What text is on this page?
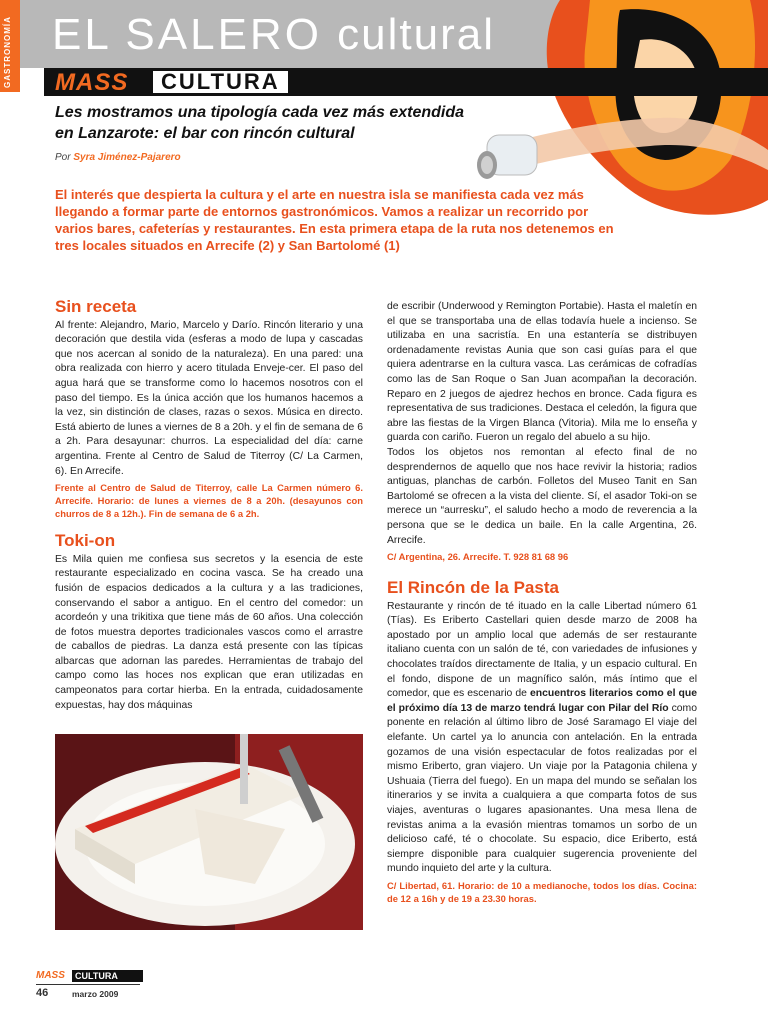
GASTRONOMÍA EL SALERO cultural
MASS	CULTURA
Les mostramos una tipología cada vez más extendida en Lanzarote: el bar con rincón cultural
Por Syra Jiménez-Pajarero
El interés que despierta la cultura y el arte en nuestra isla se manifiesta cada vez más llegando a formar parte de entornos gastronómicos. Vamos a realizar un recorrido por varios bares, cafeterías y restaurantes. En esta primera etapa de la ruta nos detenemos en tres locales situados en Arrecife (2) y San Bartolomé (1)
Sin receta

Al frente: Alejandro, Mario, Marcelo y Darío. Rincón literario y una decoración que destila vida (esferas a modo de lupa y cascadas que nos acercan al sonido de la naturaleza). En una pared: una obra realizada con hierro y acero titulada Enveje-cer. El paso del agua hará que se transforme como lo hacemos nosotros con el paso del tiempo. Es la única acción que los humanos hacemos a la vez, sin distinción de clases, razas o sexos. Música en directo. Está abierto de lunes a viernes de 8 a 20h. y el fin de semana de 6 a 2h. Para desayunar: churros. La especialidad del día: carne argentina. Frente al Centro de Salud de Titerroy (C/ La Carmen, 6). En Arrecife.

Frente al Centro de Salud de Titerroy, calle La Carmen número 6. Arrecife. Horario: de lunes a viernes de 8 a 20h. (desayunos con churros de 8 a 12h.). Fin de semana de 6 a 2h.

Toki-on

Es Mila quien me confiesa sus secretos y la esencia de este restaurante especializado en cocina vasca. Se ha creado una fusión de espacios dedicados a la cultura y a las tradiciones, conservando el sabor a antiguo. En el centro del comedor: un acordeón y una trikitixa que tiene más de 60 años. Una colección de fotos muestra deportes tradicionales vascos como el arrastre de caballos de piedras. La danza está presente con las típicas albarcas que adornan las paredes. Herramientas de trabajo del campo como las hoces nos explican que eran utilizadas en campeonatos para cortar hierba. En la entrada, cuidadosamente expuestas, hay dos máquinas

de escribir (Underwood y Remington Portabie). Hasta el maletín en el que se transportaba una de ellas todavía huele a incienso. Se utilizaba en una sacristía. En una estantería se distribuyen ordenadamente revistas Aunia que son casi guías para el que quiera adentrarse en la cultura vasca. Las cerámicas de cofradías como las de San Roque o San Juan acompañan la decoración. Reparo en 2 juegos de ajedrez hechos en bronce. Cada figura es representativa de sus tradiciones. Destaca el celedón, la figura que abre las fiestas de la Virgen Blanca (Vitoria). Mila me lo enseña y guarda con cariño. Fueron un regalo del abuelo a su hijo.

Todos los objetos nos remontan al efecto final de no desprendernos de aquello que nos hace revivir la historia; radios antiguas, planchas de carbón. Folletos del Museo Tanit en San Bartolomé se ofrecen a la vista del cliente. Sí, el asador Toki-on se merece un “aurresku”, el saludo hecho a modo de reverencia a la persona que se le dedica un baile. En la calle Argentina, 26. Arrecife.

C/ Argentina, 26. Arrecife. T. 928 81 68 96

El Rincón de la Pasta

Restaurante y rincón de té ituado en la calle Libertad número 61 (Tías). Es Eriberto Castellari quien desde marzo de 2008 ha apostado por un amplio local que además de ser restaurante italiano cuenta con un salón de té, con variedades de infusiones y chocolates traídos directamente de Italia, y un espacio cultural. En el fondo, dispone de un magnífico salón, más íntimo que el comedor, que es escenario de encuentros literarios como el que el próximo día 13 de marzo tendrá lugar con Pilar del Río como ponente en relación al último libro de José Saramago El viaje del elefante. Un cartel ya lo anuncia con antelación. En la entrada gozamos de una visión espectacular de fotos realizadas por el mismo Eriberto, gran viajero. Un viaje por la Patagonia chilena y Ushuaia (Tierra del fuego). En un mapa del mundo se señalan los itinerarios y se invita a cualquiera a que comparta fotos de sus viajes, aventuras o lugares apasionantes. Una mesa llena de revistas anima a la evasión mientras tomamos un sorbo de un delicioso café, té o chocolate. Su espacio, dice Eriberto, está siempre disponible para cualquier sugerencia proveniente del mundo inquieto del arte y la cultura.

C/ Libertad, 61. Horario: de 10 a medianoche, todos los días. Cocina: de 12 a 16h y de 19 a 23.30 horas.

MASS	CULTURA
46	marzo 2009
